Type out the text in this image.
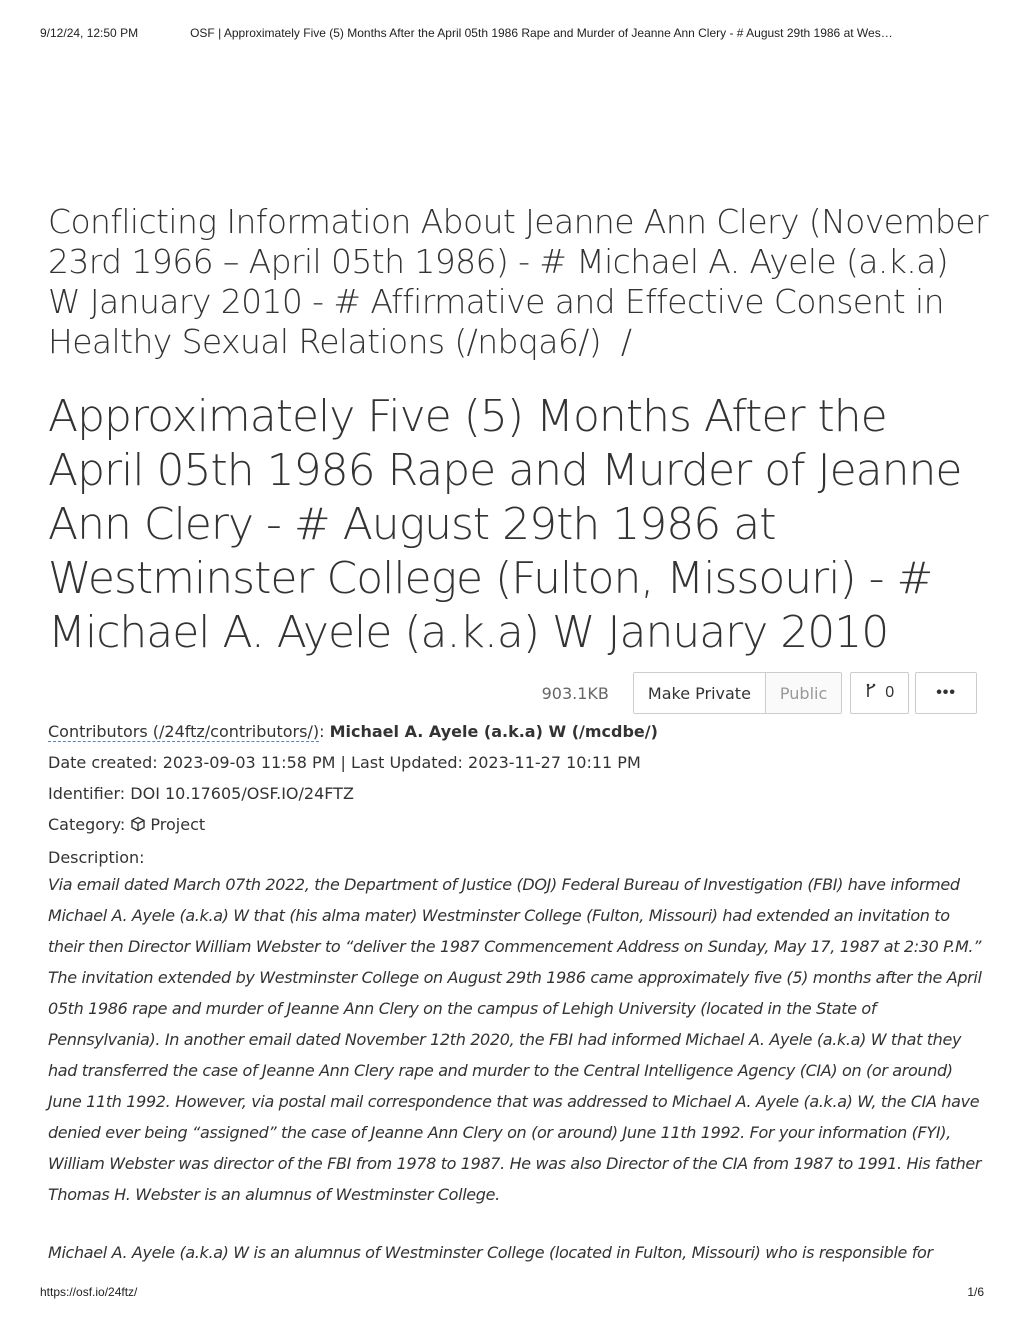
9/12/24, 12:50 PM	OSF | Approximately Five (5) Months After the April 05th 1986 Rape and Murder of Jeanne Ann Clery - # August 29th 1986 at Wes…
Conflicting Information About Jeanne Ann Clery (November 23rd 1966 – April 05th 1986) - # Michael A. Ayele (a.k.a) W January 2010 - # Affirmative and Effective Consent in Healthy Sexual Relations (/nbqa6/) /
Approximately Five (5) Months After the April 05th 1986 Rape and Murder of Jeanne Ann Clery - # August 29th 1986 at Westminster College (Fulton, Missouri) - # Michael A. Ayele (a.k.a) W January 2010
903.1KB	Make Private	Public	0	•••
Contributors (/24ftz/contributors/): Michael A. Ayele (a.k.a) W (/mcdbe/)
Date created: 2023-09-03 11:58 PM | Last Updated: 2023-11-27 10:11 PM
Identifier: DOI 10.17605/OSF.IO/24FTZ
Category: Project
Description:
Via email dated March 07th 2022, the Department of Justice (DOJ) Federal Bureau of Investigation (FBI) have informed Michael A. Ayele (a.k.a) W that (his alma mater) Westminster College (Fulton, Missouri) had extended an invitation to their then Director William Webster to “deliver the 1987 Commencement Address on Sunday, May 17, 1987 at 2:30 P.M.” The invitation extended by Westminster College on August 29th 1986 came approximately five (5) months after the April 05th 1986 rape and murder of Jeanne Ann Clery on the campus of Lehigh University (located in the State of Pennsylvania). In another email dated November 12th 2020, the FBI had informed Michael A. Ayele (a.k.a) W that they had transferred the case of Jeanne Ann Clery rape and murder to the Central Intelligence Agency (CIA) on (or around) June 11th 1992. However, via postal mail correspondence that was addressed to Michael A. Ayele (a.k.a) W, the CIA have denied ever being “assigned” the case of Jeanne Ann Clery on (or around) June 11th 1992. For your information (FYI), William Webster was director of the FBI from 1978 to 1987. He was also Director of the CIA from 1987 to 1991. His father Thomas H. Webster is an alumnus of Westminster College.
Michael A. Ayele (a.k.a) W is an alumnus of Westminster College (located in Fulton, Missouri) who is responsible for
https://osf.io/24ftz/	1/6
